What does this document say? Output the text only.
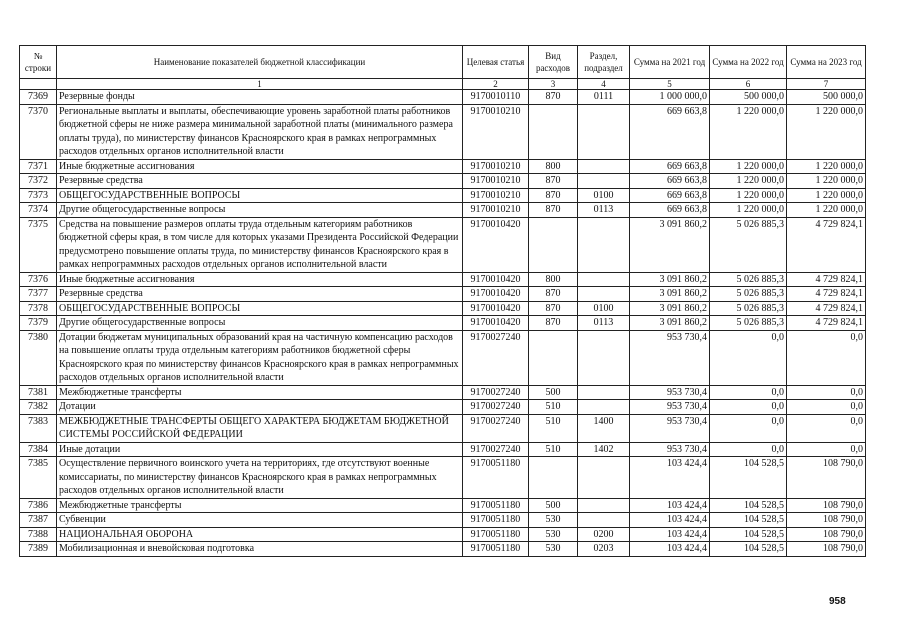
№ строки	Наименование показателей бюджетной классификации	Целевая статья	Вид расходов	Раздел, подраздел	Сумма на 2021 год	Сумма на 2022 год	Сумма на 2023 год
	1	2	3	4	5	6	7
7369	Резервные фонды	9170010110	870	0111	1 000 000,0	500 000,0	500 000,0
7370	Региональные выплаты и выплаты, обеспечивающие уровень заработной платы работников бюджетной сферы не ниже размера минимальной заработной платы (минимального размера оплаты труда), по министерству финансов Красноярского края в рамках непрограммных расходов отдельных органов исполнительной власти	9170010210			669 663,8	1 220 000,0	1 220 000,0
7371	Иные бюджетные ассигнования	9170010210	800		669 663,8	1 220 000,0	1 220 000,0
7372	Резервные средства	9170010210	870		669 663,8	1 220 000,0	1 220 000,0
7373	ОБЩЕГОСУДАРСТВЕННЫЕ ВОПРОСЫ	9170010210	870	0100	669 663,8	1 220 000,0	1 220 000,0
7374	Другие общегосударственные вопросы	9170010210	870	0113	669 663,8	1 220 000,0	1 220 000,0
7375	Средства на повышение размеров оплаты труда отдельным категориям работников бюджетной сферы края, в том числе для которых указами Президента Российской Федерации предусмотрено повышение оплаты труда, по министерству финансов Красноярского края в рамках непрограммных расходов отдельных органов исполнительной власти	9170010420			3 091 860,2	5 026 885,3	4 729 824,1
7376	Иные бюджетные ассигнования	9170010420	800		3 091 860,2	5 026 885,3	4 729 824,1
7377	Резервные средства	9170010420	870		3 091 860,2	5 026 885,3	4 729 824,1
7378	ОБЩЕГОСУДАРСТВЕННЫЕ ВОПРОСЫ	9170010420	870	0100	3 091 860,2	5 026 885,3	4 729 824,1
7379	Другие общегосударственные вопросы	9170010420	870	0113	3 091 860,2	5 026 885,3	4 729 824,1
7380	Дотации бюджетам муниципальных образований края на частичную компенсацию расходов на повышение оплаты труда отдельным категориям работников бюджетной сферы Красноярского края по министерству финансов Красноярского края в рамках непрограммных расходов отдельных органов исполнительной власти	9170027240			953 730,4	0,0	0,0
7381	Межбюджетные трансферты	9170027240	500		953 730,4	0,0	0,0
7382	Дотации	9170027240	510		953 730,4	0,0	0,0
7383	МЕЖБЮДЖЕТНЫЕ ТРАНСФЕРТЫ ОБЩЕГО ХАРАКТЕРА БЮДЖЕТАМ БЮДЖЕТНОЙ СИСТЕМЫ РОССИЙСКОЙ ФЕДЕРАЦИИ	9170027240	510	1400	953 730,4	0,0	0,0
7384	Иные дотации	9170027240	510	1402	953 730,4	0,0	0,0
7385	Осуществление первичного воинского учета на территориях, где отсутствуют военные комиссариаты, по министерству финансов Красноярского края в рамках непрограммных расходов отдельных органов исполнительной власти	9170051180			103 424,4	104 528,5	108 790,0
7386	Межбюджетные трансферты	9170051180	500		103 424,4	104 528,5	108 790,0
7387	Субвенции	9170051180	530		103 424,4	104 528,5	108 790,0
7388	НАЦИОНАЛЬНАЯ ОБОРОНА	9170051180	530	0200	103 424,4	104 528,5	108 790,0
7389	Мобилизационная и вневойсковая подготовка	9170051180	530	0203	103 424,4	104 528,5	108 790,0
958
